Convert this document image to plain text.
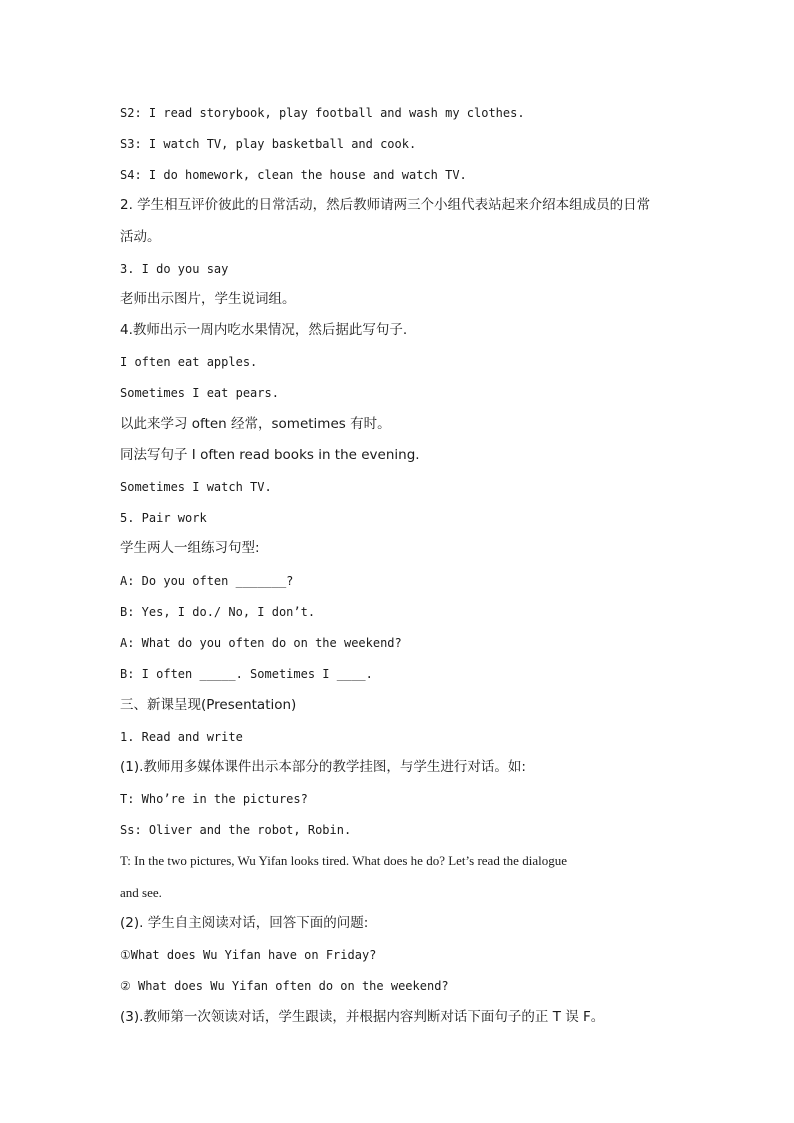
S2: I read storybook, play football and wash my clothes.
S3: I watch TV, play basketball and cook.
S4: I do homework, clean the house and watch TV.
2. 学生相互评价彼此的日常活动，然后教师请两三个小组代表站起来介绍本组成员的日常
活动。
3. I do you say
老师出示图片，学生说词组。
4.教师出示一周内吃水果情况，然后据此写句子.
I often eat apples.
Sometimes I eat pears.
以此来学习 often 经常，sometimes 有时。
同法写句子 I often read books in the evening.
Sometimes I watch TV.
5. Pair work
学生两人一组练习句型:
A: Do you often _______?
B: Yes, I do./ No, I don’t.
A: What do you often do on the weekend?
B: I often _____. Sometimes I ____.
三、新课呈现(Presentation)
1. Read and write
(1).教师用多媒体课件出示本部分的教学挂图，与学生进行对话。如:
T: Who’re in the pictures?
Ss: Oliver and the robot, Robin.
T: In the two pictures, Wu Yifan looks tired. What does he do? Let’s read the dialogue
and see.
(2). 学生自主阅读对话，回答下面的问题:
①What does Wu Yifan have on Friday?
② What does Wu Yifan often do on the weekend?
(3).教师第一次领读对话，学生跟读，并根据内容判断对话下面句子的正 T 误 F。
